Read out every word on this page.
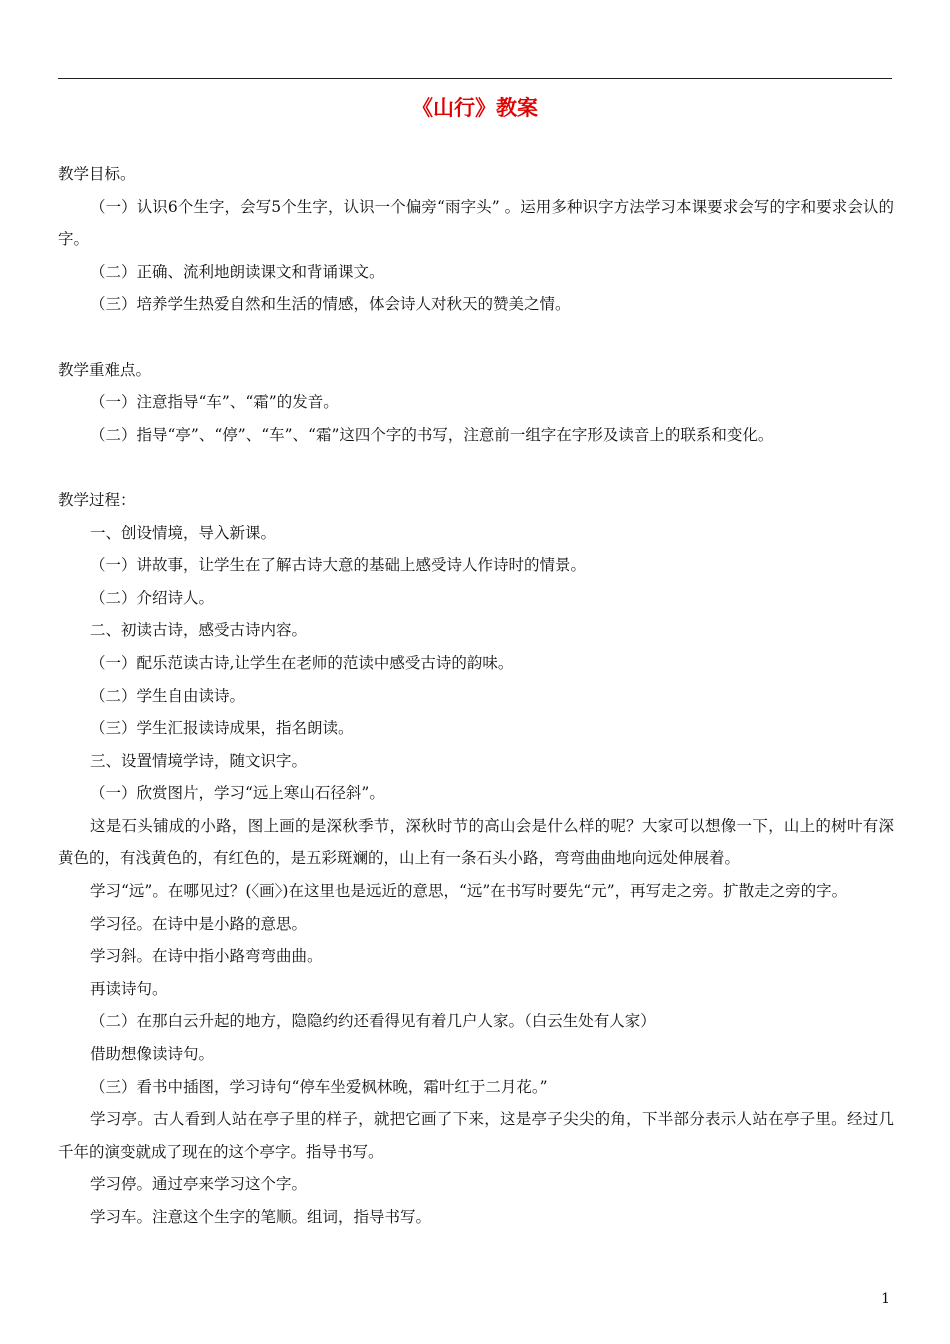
《山行》教案

教学目标。

（一）认识6个生字，会写5个生字，认识一个偏旁“雨字头” 。运用多种识字方法学习本课要求会写的字和要求会认的字。

（二）正确、流利地朗读课文和背诵课文。

（三）培养学生热爱自然和生活的情感，体会诗人对秋天的赞美之情。

教学重难点。

（一）注意指导“车”、“霜”的发音。

（二）指导“亭”、“停”、“车”、“霜”这四个字的书写，注意前一组字在字形及读音上的联系和变化。

教学过程：

一、创设情境，导入新课。

（一）讲故事，让学生在了解古诗大意的基础上感受诗人作诗时的情景。

（二）介绍诗人。

二、初读古诗，感受古诗内容。

（一）配乐范读古诗,让学生在老师的范读中感受古诗的韵味。

（二）学生自由读诗。

（三）学生汇报读诗成果，指名朗读。

三、设置情境学诗，随文识字。

（一）欣赏图片，学习“远上寒山石径斜”。

这是石头铺成的小路，图上画的是深秋季节，深秋时节的高山会是什么样的呢？大家可以想像一下，山上的树叶有深黄色的，有浅黄色的，有红色的，是五彩斑斓的，山上有一条石头小路，弯弯曲曲地向远处伸展着。

学习“远”。在哪见过？(〈画〉)在这里也是远近的意思，“远”在书写时要先“元”，再写走之旁。扩散走之旁的字。

学习径。在诗中是小路的意思。

学习斜。在诗中指小路弯弯曲曲。

再读诗句。

（二）在那白云升起的地方，隐隐约约还看得见有着几户人家。（白云生处有人家）

借助想像读诗句。

（三）看书中插图，学习诗句“停车坐爱枫林晚，霜叶红于二月花。”

学习亭。古人看到人站在亭子里的样子，就把它画了下来，这是亭子尖尖的角，下半部分表示人站在亭子里。经过几千年的演变就成了现在的这个亭字。指导书写。

学习停。通过亭来学习这个字。

学习车。注意这个生字的笔顺。组词，指导书写。

1
